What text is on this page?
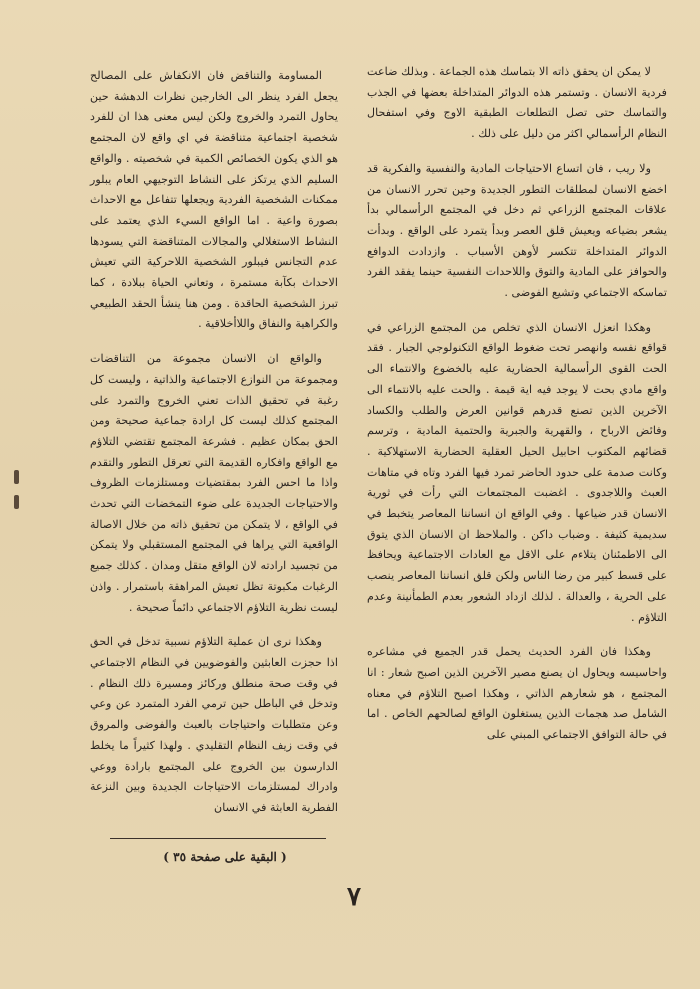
لا يمكن ان يحقق ذاته الا بتماسك هذه الجماعة . وبذلك ضاعت فردية الانسان . وتستمر هذه الدوائر المتداخلة بعضها في الجذب والتماسك حتى تصل التطلعات الطبقية الاوج وفي استفحال النظام الرأسمالي اكثر من دليل على ذلك .

ولا ريب ، فان اتساع الاحتياجات المادية والنفسية والفكرية قد اخضع الانسان لمطلقات التطور الجديدة وحين تحرر الانسان من علاقات المجتمع الزراعي ثم دخل في المجتمع الرأسمالي بدأ يشعر بضياعه ويعيش قلق العصر وبدأ يتمرد على الواقع . وبدأت الدوائر المتداخلة تتكسر لأوهن الأسباب . وازدادت الدوافع والحوافز على المادية والتوق واللاحدات النفسية حينما يفقد الفرد تماسكه الاجتماعي وتشيع الفوضى .

وهكذا انعزل الانسان الذي تخلص من المجتمع الزراعي في قواقع نفسه وانهصر تحت ضغوط الواقع التكنولوجي الجبار . فقد الحت القوى الرأسمالية الحضارية عليه بالخضوع والانتماء الى واقع مادي بحت لا يوجد فيه اية قيمة . والحت عليه بالانتماء الى الآخرين الذين تصنع قدرهم قوانين العرض والطلب والكساد وفائض الارباح ، والقهرية والجبرية والحتمية المادية ، وترسم قضائهم المكتوب احابيل الحيل العقلية الحضارية الاستهلاكية . وكانت صدمة على حدود الحاضر تمرد فيها الفرد وتاه في متاهات العبث واللاجدوى . اغضبت المجتمعات التي رأت في ثورية الانسان قدر ضياعها . وفي الواقع ان انساننا المعاصر يتخبط في سديمية كثيفة . وضباب داكن . والملاحظ ان الانسان الذي يتوق الى الاطمئنان يتلاءم على الاقل مع العادات الاجتماعية ويحافظ على قسط كبير من رضا الناس ولكن قلق انساننا المعاصر ينصب على الحرية ، والعدالة . لذلك ازداد الشعور بعدم الطمأنينة وعدم التلاؤم .

وهكذا فان الفرد الحديث يحمل قدر الجميع في مشاعره واحاسيسه ويحاول ان يصنع مصير الآخرين الذين اصبح شعار : انا المجتمع ، هو شعارهم الذاتي ، وهكذا اصبح التلاؤم في معناه الشامل صد هجمات الذين يستغلون الواقع لصالحهم الخاص . اما في حالة التوافق الاجتماعي المبني على

المساومة والتناقض فان الانكفاش على المصالح يجعل الفرد ينظر الى الخارجين نظرات الدهشة حين يحاول التمرد والخروج ولكن ليس معنى هذا ان للفرد شخصية اجتماعية متناقضة في اي واقع لان المجتمع هو الذي يكون الخصائص الكمية في شخصيته . والواقع السليم الذي يرتكز على النشاط التوجيهي العام يبلور ممكنات الشخصية الفردية ويجعلها تتفاعل مع الاحداث بصورة واعية . اما الواقع السيء الذي يعتمد على النشاط الاستغلالي والمجالات المتناقضة التي يسودها عدم التجانس فيبلور الشخصية اللاحركية التي تعيش الاحداث بكآبة مستمرة ، وتعاني الحياة ببلادة ، كما تبرز الشخصية الحاقدة . ومن هنا ينشأ الحقد الطبيعي والكراهية والنفاق واللاأخلاقية .

والواقع ان الانسان مجموعة من التناقضات ومجموعة من النوازع الاجتماعية والذاتية ، وليست كل رغبة في تحقيق الذات تعني الخروج والتمرد على المجتمع كذلك ليست كل ارادة جماعية صحيحة ومن الحق بمكان عظيم . فشرعة المجتمع تقتضي التلاؤم مع الواقع وافكاره القديمة التي تعرقل التطور والتقدم واذا ما احس الفرد بمقتضيات ومستلزمات الظروف والاحتياجات الجديدة على ضوء التمخضات التي تحدث في الواقع ، لا يتمكن من تحقيق ذاته من خلال الاصالة الواقعية التي يراها في المجتمع المستقبلي ولا يتمكن من تجسيد ارادته لان الواقع متقل ومدان . كذلك جميع الرغبات مكبوتة تظل تعيش المراهقة باستمرار . واذن ليست نظرية التلاؤم الاجتماعي دائماً صحيحة .

وهكذا نرى ان عملية التلاؤم نسبية تدخل في الحق اذا حجزت العابثين والفوضويين في النظام الاجتماعي في وقت صحة منطلق وركائز ومسيرة ذلك النظام . وتدخل في الباطل حين ترمي الفرد المتمرد عن وعي وعن متطلبات واحتياجات بالعبث والفوضى والمروق في وقت زيف النظام التقليدي . ولهذا كثيراً ما يخلط الدارسون بين الخروج على المجتمع بارادة ووعي وادراك لمستلزمات الاحتياجات الجديدة وبين النزعة الفطرية العابثة في الانسان

( البقية على صفحة ٣٥ )
٧
